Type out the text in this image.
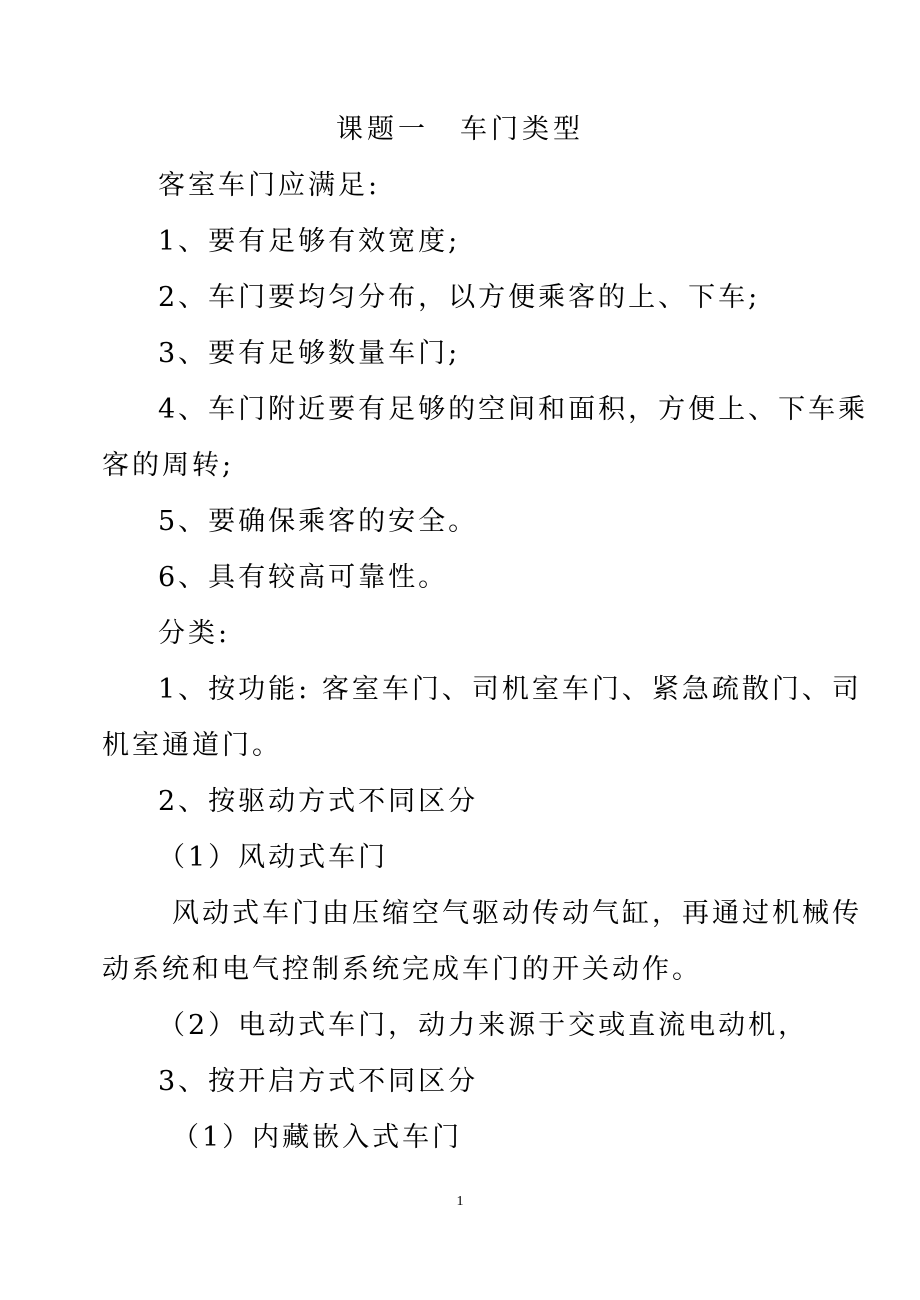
课题一　车门类型
客室车门应满足:
1、要有足够有效宽度;
2、车门要均匀分布，以方便乘客的上、下车;
3、要有足够数量车门;
4、车门附近要有足够的空间和面积，方便上、下车乘
客的周转;
5、要确保乘客的安全。
6、具有较高可靠性。
分类:
1、按功能: 客室车门、司机室车门、紧急疏散门、司
机室通道门。
2、按驱动方式不同区分
（1）风动式车门
风动式车门由压缩空气驱动传动气缸，再通过机械传
动系统和电气控制系统完成车门的开关动作。
（2）电动式车门，动力来源于交或直流电动机，
3、按开启方式不同区分
（1）内藏嵌入式车门
1
